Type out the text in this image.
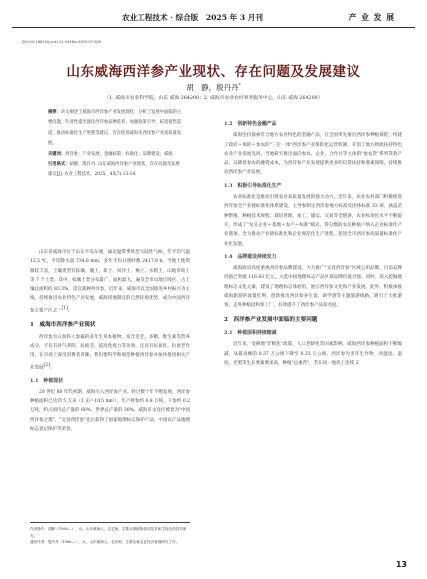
农业工程技术 · 综合版　2025 年 3 月刊	产 业 发 展
DOI:10.16815/j.cnki.11-5436/s.2025.07.005
山东威海西洋参产业现状、存在问题及发展建议
胡　静，殷丹丹*
（1. 威海市农业科学院，山东 威海 264200；2. 威海市农业农村事务服务中心，山东 威海 264200）
摘要：该文阐述了威海市西洋参产业发展现状，分析了发展中面临的主要问题，针对性提出强化西洋参品种选育、加强政策引导、拓宽销售渠道、推动标准化生产进程等建议，旨在促进威海市西洋参产业高质量发展。
关键词：西洋参；产业发展；金融政策；标准化；品牌建设；威海
引用格式：胡静，殷丹丹. 山东威海西洋参产业现状、存在问题及发展建议[J]. 农业工程技术，2025，45(7):13-14.

山东省威海市位于山东半岛东端，属北温带季风型大陆性气候，年平均气温 12.5 ℃，平均降水量 734.6 mm，多年平均日照时数 2417.9 h。当地土地资源较丰富，土壤类型有棕壤、潮土、盐土、风沙土、褐土、水稻土，山地草甸土等 7 个土类。其中，棕壤土类分布最广，面积最大，遍及全市山地丘陵区，占土壤总面积的 83.3%，适宜栽种西洋参。近年来，威海市以全国推进乡村振兴为主线，持续推进农业特色产业发展，威海因地制宜的自然环境优势，成为中国西洋参主要产区之一[1]。

1　威海市西洋参产业现状

西洋参为五加科人参属的多年生草本植物，富含皂苷、多糖、维生素等营养成分，不仅有补气养阴、抗疲劳、提高免疫力等功效，还具有抗氧化、抗衰老作用，在市场上深受消费者青睐，我们要科学和规范种植西洋参并加快推进相关产业发展[2]。

1.1　种植现状

20 世纪 80 年代初期，威海引入西洋参产业。经过数十年不断发展，西洋参种植面积已达到 5 万亩（1 亩=1/15 hm²），年产鲜参约 0.8 万吨、干参约 0.2 万吨，约占国内总产量的 60%、世界总产量的 30%，威海市文登区被誉为"中国西洋参之都"，"文登西洋参"先后获得了国家地理标志保护产品、中国农产品地理标志登记保护等荣誉。

作者简介：胡静（1980—），女，山东威海人，农艺师，主要从事植物检疫技术和生物农药技术研究。
通信作者：殷丹丹（1986—），女，山东威海人，农经师，主要从事农业经济管理研究工作。
1.2　创新特色金融产品

威海坚持探索符合地方农业特色的金融产品，在全国率先推出西洋参种植保险，构建了政府＋保险＋参农的"三位一体"西洋参产业保险化运营机制，开创了地方财政扶持特色农业产业发展先河。当地研究推出面向参农、企业、合作社等主体的"参农贷"系列贷款产品，以降低参农的融资成本，为西洋参产业发展提供更多的信贷扶持和要素保障，持续推动西洋参产业发展。

1.3　积极引导标准化生产

农业标准化是推动引领农业高质量发展的强大动力，近年来，农业农村部门积极推进西洋参全产业链标准化体系建设，主导参制定西洋参地方标准及团体标准 33 项，涵盖苗种繁殖、种植技术规程、栽培管理、加工、储运、交易等全链条，农业标准化水平不断提升，形成了"龙头企业＋基地＋农户＋标准"模式，得分数的农民种植户纳入企业标准化产业链条，全力推动产业链标准化和企业规范化生产进程，促进全市西洋参高质量标准化产业化发展。

1.4　品牌建设持续发力

威海政府高度重视西洋参品牌建设，大力推广"文登西洋参"区域公用品牌，目前品牌价值已突破 116.43 亿元，入选中国地理标志产品区域品牌价值百强。同时，深入挖掘地理标志文化元素，建设了地理标志体验馆，展示西洋参文化和产业发展。此外，积极承接威海旅游的流量红利，创新推出西洋参养生宴、研学游等主题旅游线路，吸引了大批游客，走进种植园和加工厂，有效提升了西洋参产品知名度。

2　西洋参产业发展中面临的主要问题
2.1　种植面积持续缩减

近年来，受耕地"非粮化"政策、人口老龄化等因素影响，威海西洋参种植面积不断缩减，从最高峰的 0.37 万公顷下降至 0.33 万公顷。西洋参为多年生作物，对温度、湿度、光照等生长要素要求高，种植"总重茬"，若在同一地块上连续 2

13
